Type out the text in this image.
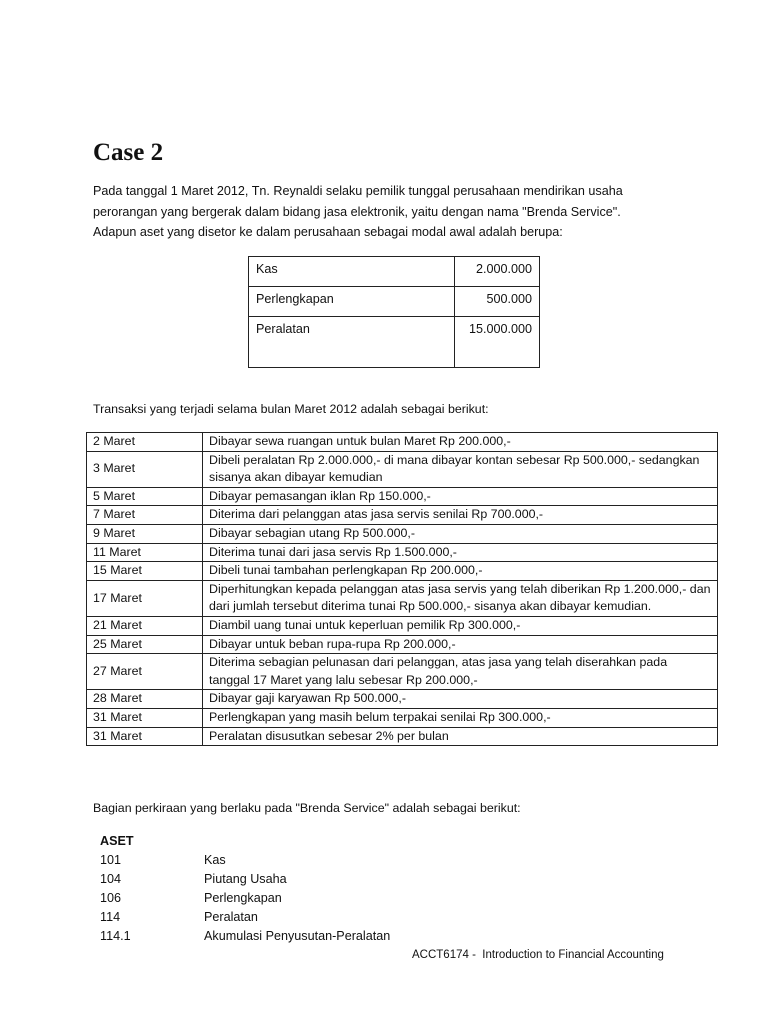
Case 2

Pada tanggal 1 Maret 2012, Tn. Reynaldi selaku pemilik tunggal perusahaan mendirikan usaha
perorangan yang bergerak dalam bidang jasa elektronik, yaitu dengan nama "Brenda Service".
Adapun aset yang disetor ke dalam perusahaan sebagai modal awal adalah berupa:

Kas	2.000.000
Perlengkapan	500.000
Peralatan	15.000.000

Transaksi yang terjadi selama bulan Maret 2012 adalah sebagai berikut:

2 Maret	Dibayar sewa ruangan untuk bulan Maret Rp 200.000,-
3 Maret	Dibeli peralatan Rp 2.000.000,- di mana dibayar kontan sebesar Rp 500.000,- sedangkan sisanya akan dibayar kemudian
5 Maret	Dibayar pemasangan iklan Rp 150.000,-
7 Maret	Diterima dari pelanggan atas jasa servis senilai Rp 700.000,-
9 Maret	Dibayar sebagian utang Rp 500.000,-
11 Maret	Diterima tunai dari jasa servis Rp 1.500.000,-
15 Maret	Dibeli tunai tambahan perlengkapan Rp 200.000,-
17 Maret	Diperhitungkan kepada pelanggan atas jasa servis yang telah diberikan Rp 1.200.000,- dan dari jumlah tersebut diterima tunai Rp 500.000,- sisanya akan dibayar kemudian.
21 Maret	Diambil uang tunai untuk keperluan pemilik Rp 300.000,-
25 Maret	Dibayar untuk beban rupa-rupa Rp 200.000,-
27 Maret	Diterima sebagian pelunasan dari pelanggan, atas jasa yang telah diserahkan pada tanggal 17 Maret yang lalu sebesar Rp 200.000,-
28 Maret	Dibayar gaji karyawan Rp 500.000,-
31 Maret	Perlengkapan yang masih belum terpakai senilai Rp 300.000,-
31 Maret	Peralatan disusutkan sebesar 2% per bulan

Bagian perkiraan yang berlaku pada "Brenda Service" adalah sebagai berikut:

ASET
101	Kas
104	Piutang Usaha
106	Perlengkapan
114	Peralatan
114.1	Akumulasi Penyusutan-Peralatan
ACCT6174 -  Introduction to Financial Accounting
